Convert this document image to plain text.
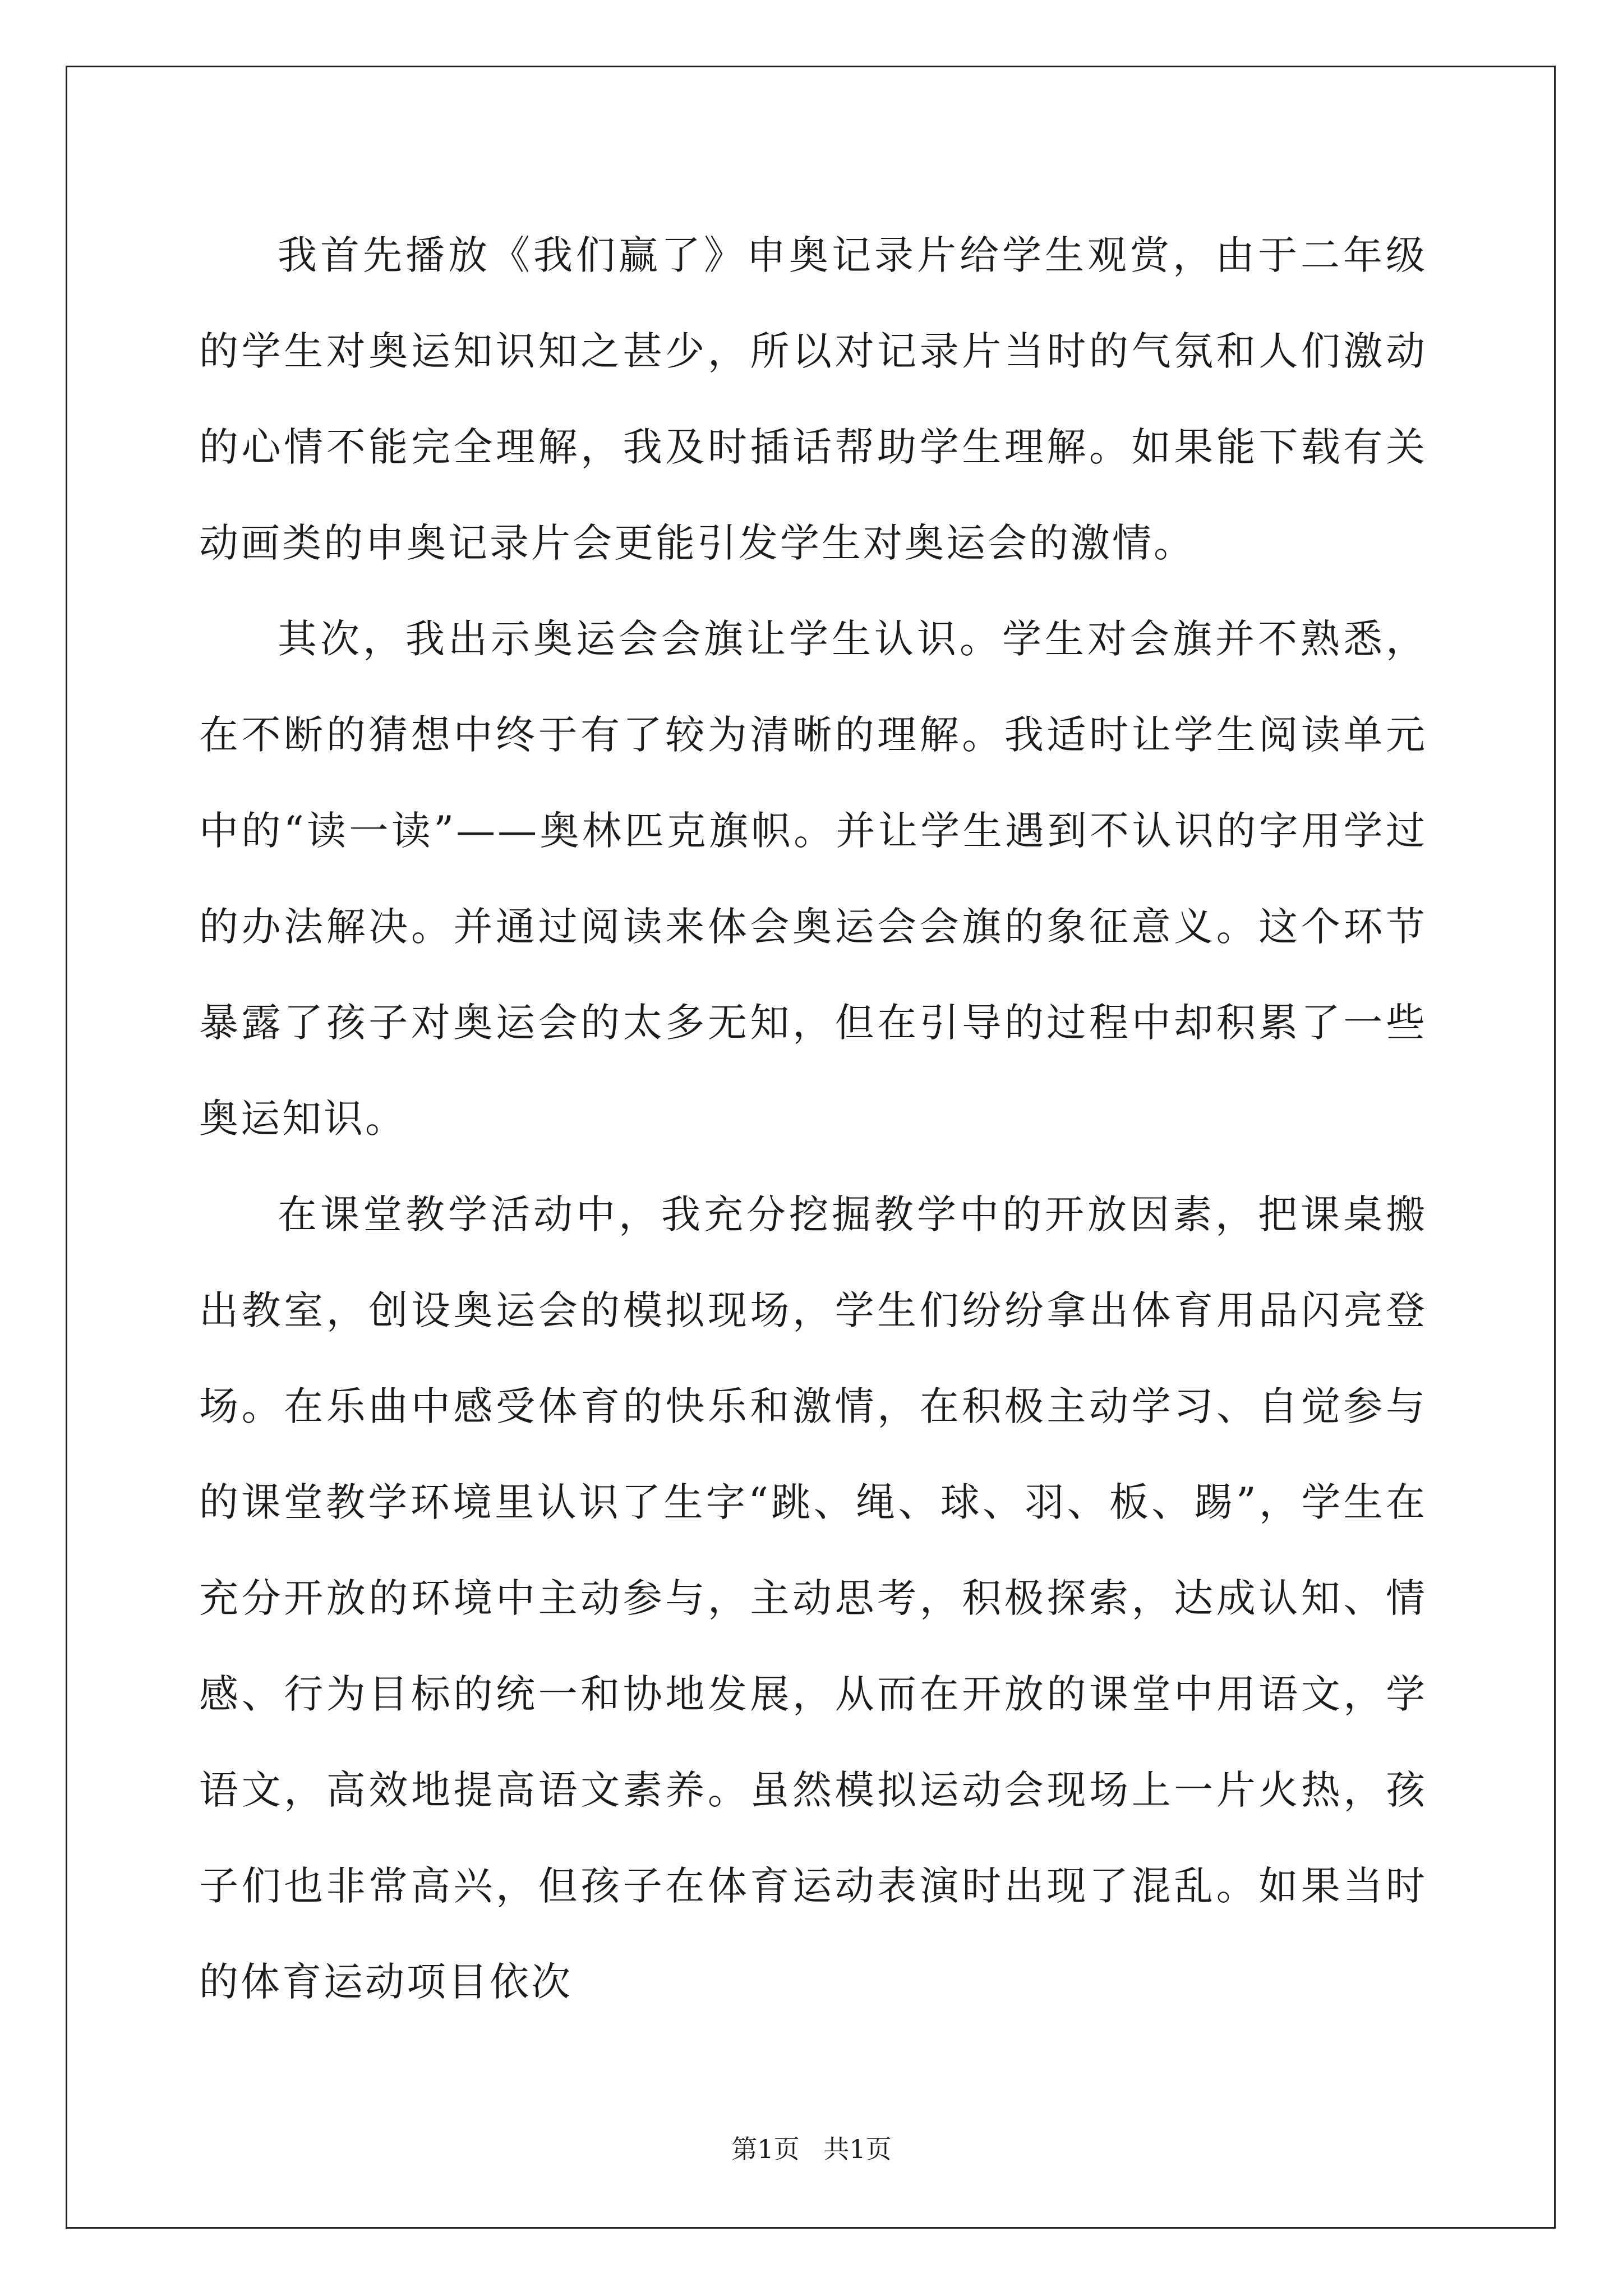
我首先播放《我们赢了》申奥记录片给学生观赏，由于二年级的学生对奥运知识知之甚少，所以对记录片当时的气氛和人们激动的心情不能完全理解，我及时插话帮助学生理解。如果能下载有关动画类的申奥记录片会更能引发学生对奥运会的激情。

其次，我出示奥运会会旗让学生认识。学生对会旗并不熟悉，在不断的猜想中终于有了较为清晰的理解。我适时让学生阅读单元中的“读一读”——奥林匹克旗帜。并让学生遇到不认识的字用学过的办法解决。并通过阅读来体会奥运会会旗的象征意义。这个环节暴露了孩子对奥运会的太多无知，但在引导的过程中却积累了一些奥运知识。

在课堂教学活动中，我充分挖掘教学中的开放因素，把课桌搬出教室，创设奥运会的模拟现场，学生们纷纷拿出体育用品闪亮登场。在乐曲中感受体育的快乐和激情，在积极主动学习、自觉参与的课堂教学环境里认识了生字“跳、绳、球、羽、板、踢”，学生在充分开放的环境中主动参与，主动思考，积极探索，达成认知、情感、行为目标的统一和协地发展，从而在开放的课堂中用语文，学语文，高效地提高语文素养。虽然模拟运动会现场上一片火热，孩子们也非常高兴，但孩子在体育运动表演时出现了混乱。如果当时的体育运动项目依次

第1页 共1页
